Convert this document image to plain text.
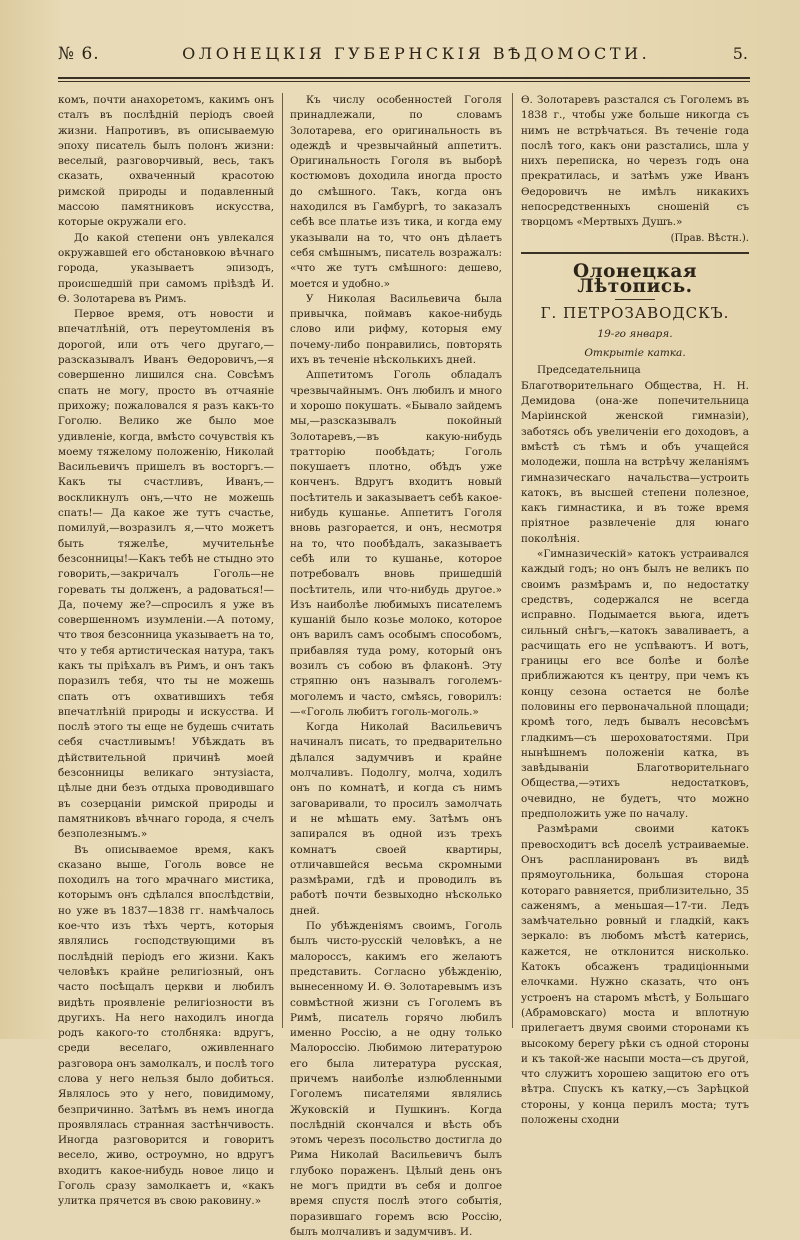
№ 6.	ОЛОНЕЦКІЯ ГУБЕРНСКІЯ ВѢДОМОСТИ.	5.

комъ, почти анахоретомъ, какимъ онъ сталъ въ послѣдній періодъ своей жизни. Напротивъ, въ описываемую эпоху писатель былъ полонъ жизни: веселый, разговорчивый, весь, такъ сказать, охваченный красотою римской природы и подавленный массою памятниковъ искусства, которые окружали его.

До какой степени онъ увлекался окружавшей его обстановкою вѣчнаго города, указываетъ эпизодъ, происшедшій при самомъ пріѣздѣ И. Ѳ. Золотарева въ Римъ.

Первое время, отъ новости и впечатлѣній, отъ переутомленія въ дорогой, или отъ чего другаго,—разсказывалъ Иванъ Ѳедоровичъ,—я совершенно лишился сна. Совсѣмъ спать не могу, просто въ отчаяніе прихожу; пожаловался я разъ какъ-то Гоголю. Велико же было мое удивленіе, когда, вмѣсто сочувствія къ моему тяжелому положенію, Николай Васильевичъ пришелъ въ восторгъ.—Какъ ты счастливъ, Иванъ,— воскликнулъ онъ,—что не можешь спать!— Да какое же тутъ счастье, помилуй,—возразилъ я,—что можетъ быть тяжелѣе, мучительнѣе безсонницы!—Какъ тебѣ не стыдно это говорить,—закричалъ Гоголь—не горевать ты долженъ, а радоваться!—Да, почему же?—спросилъ я уже въ совершенномъ изумленіи.—А потому, что твоя безсонница указываетъ на то, что у тебя артистическая натура, такъ какъ ты пріѣхалъ въ Римъ, и онъ такъ поразилъ тебя, что ты не можешь спать отъ охватившихъ тебя впечатлѣній природы и искусства. И послѣ этого ты еще не будешь считать себя счастливымъ! Убѣждать въ дѣйствительной причинѣ моей безсонницы великаго энтузіаста, цѣлые дни безъ отдыха проводившаго въ созерцаніи римской природы и памятниковъ вѣчнаго города, я счелъ безполезнымъ.»

Въ описываемое время, какъ сказано выше, Гоголь вовсе не походилъ на того мрачнаго мистика, которымъ онъ сдѣлался впослѣдствіи, но уже въ 1837—1838 гг. намѣчалось кое-что изъ тѣхъ чертъ, которыя являлись господствующими въ послѣдній періодъ его жизни. Какъ человѣкъ крайне религіозный, онъ часто посѣщалъ церкви и любилъ видѣть проявленіе религіозности въ другихъ. На него находилъ иногда родъ какого-то столбняка: вдругъ, среди веселаго, оживленнаго разговора онъ замолкалъ, и послѣ того слова у него нельзя было добиться. Являлось это у него, повидимому, безпричинно. Затѣмъ въ немъ иногда проявлялась странная застѣнчивость. Иногда разговорится и говоритъ весело, живо, остроумно, но вдругъ входитъ какое-нибудь новое лицо и Гоголь сразу замолкаетъ и, «какъ улитка прячется въ свою раковину.»

Къ числу особенностей Гоголя принадлежали, по словамъ Золотарева, его оригинальность въ одеждѣ и чрезвычайный аппетитъ. Оригинальность Гоголя въ выборѣ костюмовъ доходила иногда просто до смѣшного. Такъ, когда онъ находился въ Гамбургѣ, то заказалъ себѣ все платье изъ тика, и когда ему указывали на то, что онъ дѣлаетъ себя смѣшнымъ, писатель возражалъ: «что же тутъ смѣшного: дешево, моется и удобно.»

У Николая Васильевича была привычка, поймавъ какое-нибудь слово или рифму, которыя ему почему-либо понравились, повторять ихъ въ теченіе нѣсколькихъ дней.

Аппетитомъ Гоголь обладалъ чрезвычайнымъ. Онъ любилъ и много и хорошо покушать. «Бывало зайдемъ мы,—разсказывалъ покойный Золотаревъ,—въ какую-нибудь тратторію пообѣдать; Гоголь покушаетъ плотно, обѣдъ уже конченъ. Вдругъ входитъ новый посѣтитель и заказываетъ себѣ какое-нибудь кушанье. Аппетитъ Гоголя вновь разгорается, и онъ, несмотря на то, что пообѣдалъ, заказываетъ себѣ или то кушанье, которое потребовалъ вновь пришедшій посѣтитель, или что-нибудь другое.» Изъ наиболѣе любимыхъ писателемъ кушаній было козье молоко, которое онъ варилъ самъ особымъ способомъ, прибавляя туда рому, который онъ возилъ съ собою въ флаконѣ. Эту стряпню онъ называлъ гоголемъ-моголемъ и часто, смѣясь, говорилъ:—«Гоголь любитъ гоголь-моголь.»

Когда Николай Васильевичъ начиналъ писать, то предварительно дѣлался задумчивъ и крайне молчаливъ. Подолгу, молча, ходилъ онъ по комнатѣ, и когда съ нимъ заговаривали, то просилъ замолчать и не мѣшать ему. Затѣмъ онъ запирался въ одной изъ трехъ комнатъ своей квартиры, отличавшейся весьма скромными размѣрами, гдѣ и проводилъ въ работѣ почти безвыходно нѣсколько дней.

По убѣжденіямъ своимъ, Гоголь былъ чисто-русскій человѣкъ, а не малороссъ, какимъ его желаютъ представить. Согласно убѣжденію, вынесенному И. Ѳ. Золотаревымъ изъ совмѣстной жизни съ Гоголемъ въ Римѣ, писатель горячо любилъ именно Россію, а не одну только Малороссію. Любимою литературою его была литература русская, причемъ наиболѣе излюбленными Гоголемъ писателями являлись Жуковскій и Пушкинъ. Когда послѣдній скончался и вѣсть объ этомъ черезъ посольство достигла до Рима Николай Васильевичъ былъ глубоко пораженъ. Цѣлый день онъ не могъ придти въ себя и долгое время спустя послѣ этого событія, поразившаго горемъ всю Россію, былъ молчаливъ и задумчивъ. И.

Ѳ. Золотаревъ разстался съ Гоголемъ въ 1838 г., чтобы уже больше никогда съ нимъ не встрѣчаться. Въ теченіе года послѣ того, какъ они разстались, шла у нихъ переписка, но черезъ годъ она прекратилась, и затѣмъ уже Иванъ Ѳедоровичъ не имѣлъ никакихъ непосредственныхъ сношеній съ творцомъ «Мертвыхъ Душъ.»

(Прав. Вѣстн.).
Олонецкая Лѣтопись.
Г. ПЕТРОЗАВОДСКЪ.
19-го января.
Открытіе катка.

Председательница Благотворительнаго Общества, Н. Н. Демидова (она-же попечительница Маріинской женской гимназіи), заботясь объ увеличеніи его доходовъ, а вмѣстѣ съ тѣмъ и объ учащейся молодежи, пошла на встрѣчу желаніямъ гимназическаго начальства—устроить катокъ, въ высшей степени полезное, какъ гимнастика, и въ тоже время пріятное развлеченіе для юнаго поколѣнія.

«Гимназическій» катокъ устраивался каждый годъ; но онъ былъ не великъ по своимъ размѣрамъ и, по недостатку средствъ, содержался не всегда исправно. Подымается вьюга, идетъ сильный снѣгъ,—катокъ заваливаетъ, а расчищать его не успѣваютъ. И вотъ, границы его все болѣе и болѣе приближаются къ центру, при чемъ къ концу сезона остается не болѣе половины его первоначальной площади; кромѣ того, ледъ бывалъ несовсѣмъ гладкимъ—съ шероховатостями. При нынѣшнемъ положеніи катка, въ завѣдываніи Благотворительнаго Общества,—этихъ недостатковъ, очевидно, не будетъ, что можно предположить уже по началу.

Размѣрами своими катокъ превосходитъ всѣ доселѣ устраиваемые. Онъ распланированъ въ видѣ прямоугольника, большая сторона котораго равняется, приблизительно, 35 саженямъ, а меньшая—17-ти. Ледъ замѣчательно ровный и гладкій, какъ зеркало: въ любомъ мѣстѣ катерись, кажется, не отклонится нисколько. Катокъ обсаженъ традиціонными елочками. Нужно сказать, что онъ устроенъ на старомъ мѣстѣ, у Большаго (Абрамовскаго) моста и вплотную прилегаетъ двумя своими сторонами къ высокому берегу рѣки съ одной стороны и къ такой-же насыпи моста—съ другой, что служитъ хорошею защитою его отъ вѣтра. Спускъ къ катку,—съ Зарѣцкой стороны, у конца перилъ моста; тутъ положены сходни
